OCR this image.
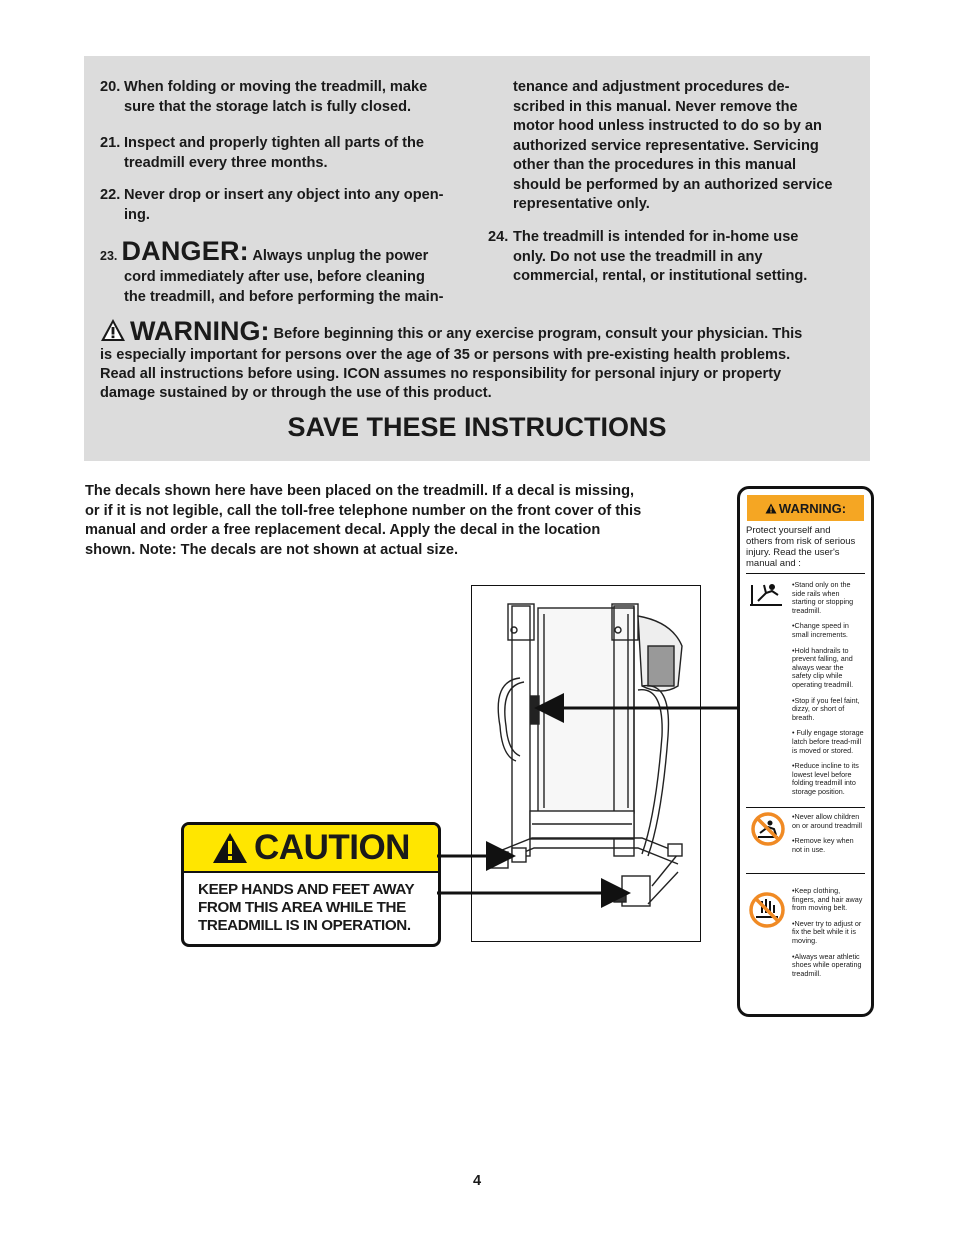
20. When folding or moving the treadmill, make
sure that the storage latch is fully closed.
21. Inspect and properly tighten all parts of the
treadmill every three months.
22. Never drop or insert any object into any open-
ing.
23. DANGER: Always unplug the power
cord immediately after use, before cleaning
the treadmill, and before performing the main-
tenance and adjustment procedures de-
scribed in this manual. Never remove the
motor hood unless instructed to do so by an
authorized service representative. Servicing
other than the procedures in this manual
should be performed by an authorized service
representative only.
24. The treadmill is intended for in-home use
only. Do not use the treadmill in any
commercial, rental, or institutional setting.
WARNING: Before beginning this or any exercise program, consult your physician. This
is especially important for persons over the age of 35 or persons with pre-existing health problems.
Read all instructions before using. ICON assumes no responsibility for personal injury or property
damage sustained by or through the use of this product.
SAVE THESE INSTRUCTIONS
The decals shown here have been placed on the treadmill. If a decal is missing,
or if it is not legible, call the toll-free telephone number on the front cover of this
manual and order a free replacement decal. Apply the decal in the location
shown. Note: The decals are not shown at actual size.
CAUTION
KEEP HANDS AND FEET AWAY
FROM THIS AREA WHILE THE
TREADMILL IS IN OPERATION.
WARNING:
Protect yourself and
others from risk of serious
injury. Read the user's
manual and :
•Stand only on the side rails when starting or stopping treadmill.
•Change speed in small increments.
•Hold handrails to prevent falling, and always wear the safety clip while operating treadmill.
•Stop if you feel faint, dizzy, or short of breath.
• Fully engage storage latch before tread-mill is moved or stored.
•Reduce incline to its lowest level before folding treadmill into storage position.
•Never allow children on or around treadmill
•Remove key when not in use.
•Keep clothing, fingers, and hair away from moving belt.
•Never try to adjust or fix the belt while it is moving.
•Always wear athletic shoes while operating treadmill.
4
